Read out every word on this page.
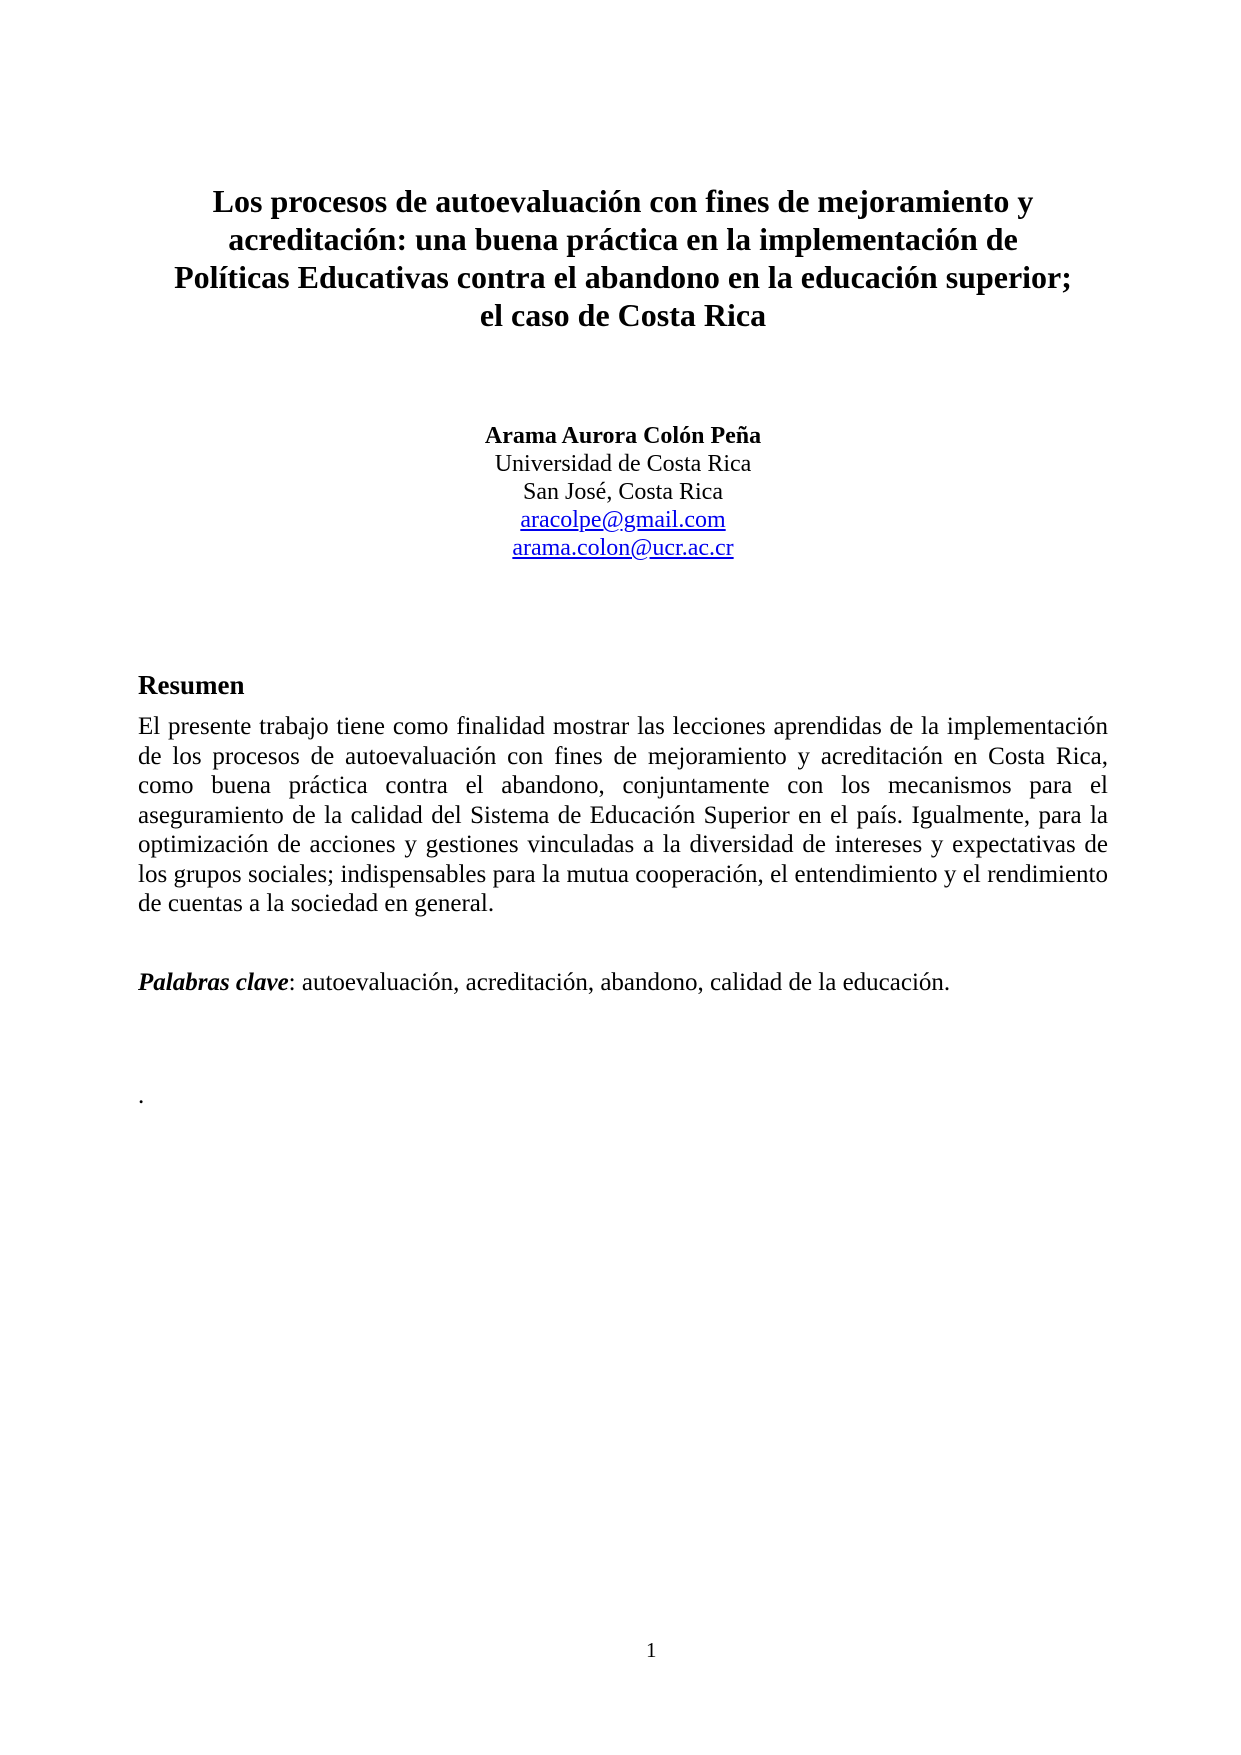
Los procesos de autoevaluación con fines de mejoramiento y
acreditación: una buena práctica en la implementación de
Políticas Educativas contra el abandono en la educación superior;
el caso de Costa Rica
Arama Aurora Colón Peña
Universidad de Costa Rica
San José, Costa Rica
aracolpe@gmail.com
arama.colon@ucr.ac.cr
Resumen
El presente trabajo tiene como finalidad mostrar las lecciones aprendidas de la implementación de los procesos de autoevaluación con fines de mejoramiento y acreditación en Costa Rica, como buena práctica contra el abandono, conjuntamente con los mecanismos para el aseguramiento de la calidad del Sistema de Educación Superior en el país. Igualmente, para la optimización de acciones y gestiones vinculadas a la diversidad de intereses y expectativas de los grupos sociales; indispensables para la mutua cooperación, el entendimiento y el rendimiento de cuentas a la sociedad en general.
Palabras clave: autoevaluación, acreditación, abandono, calidad de la educación.
.
1
